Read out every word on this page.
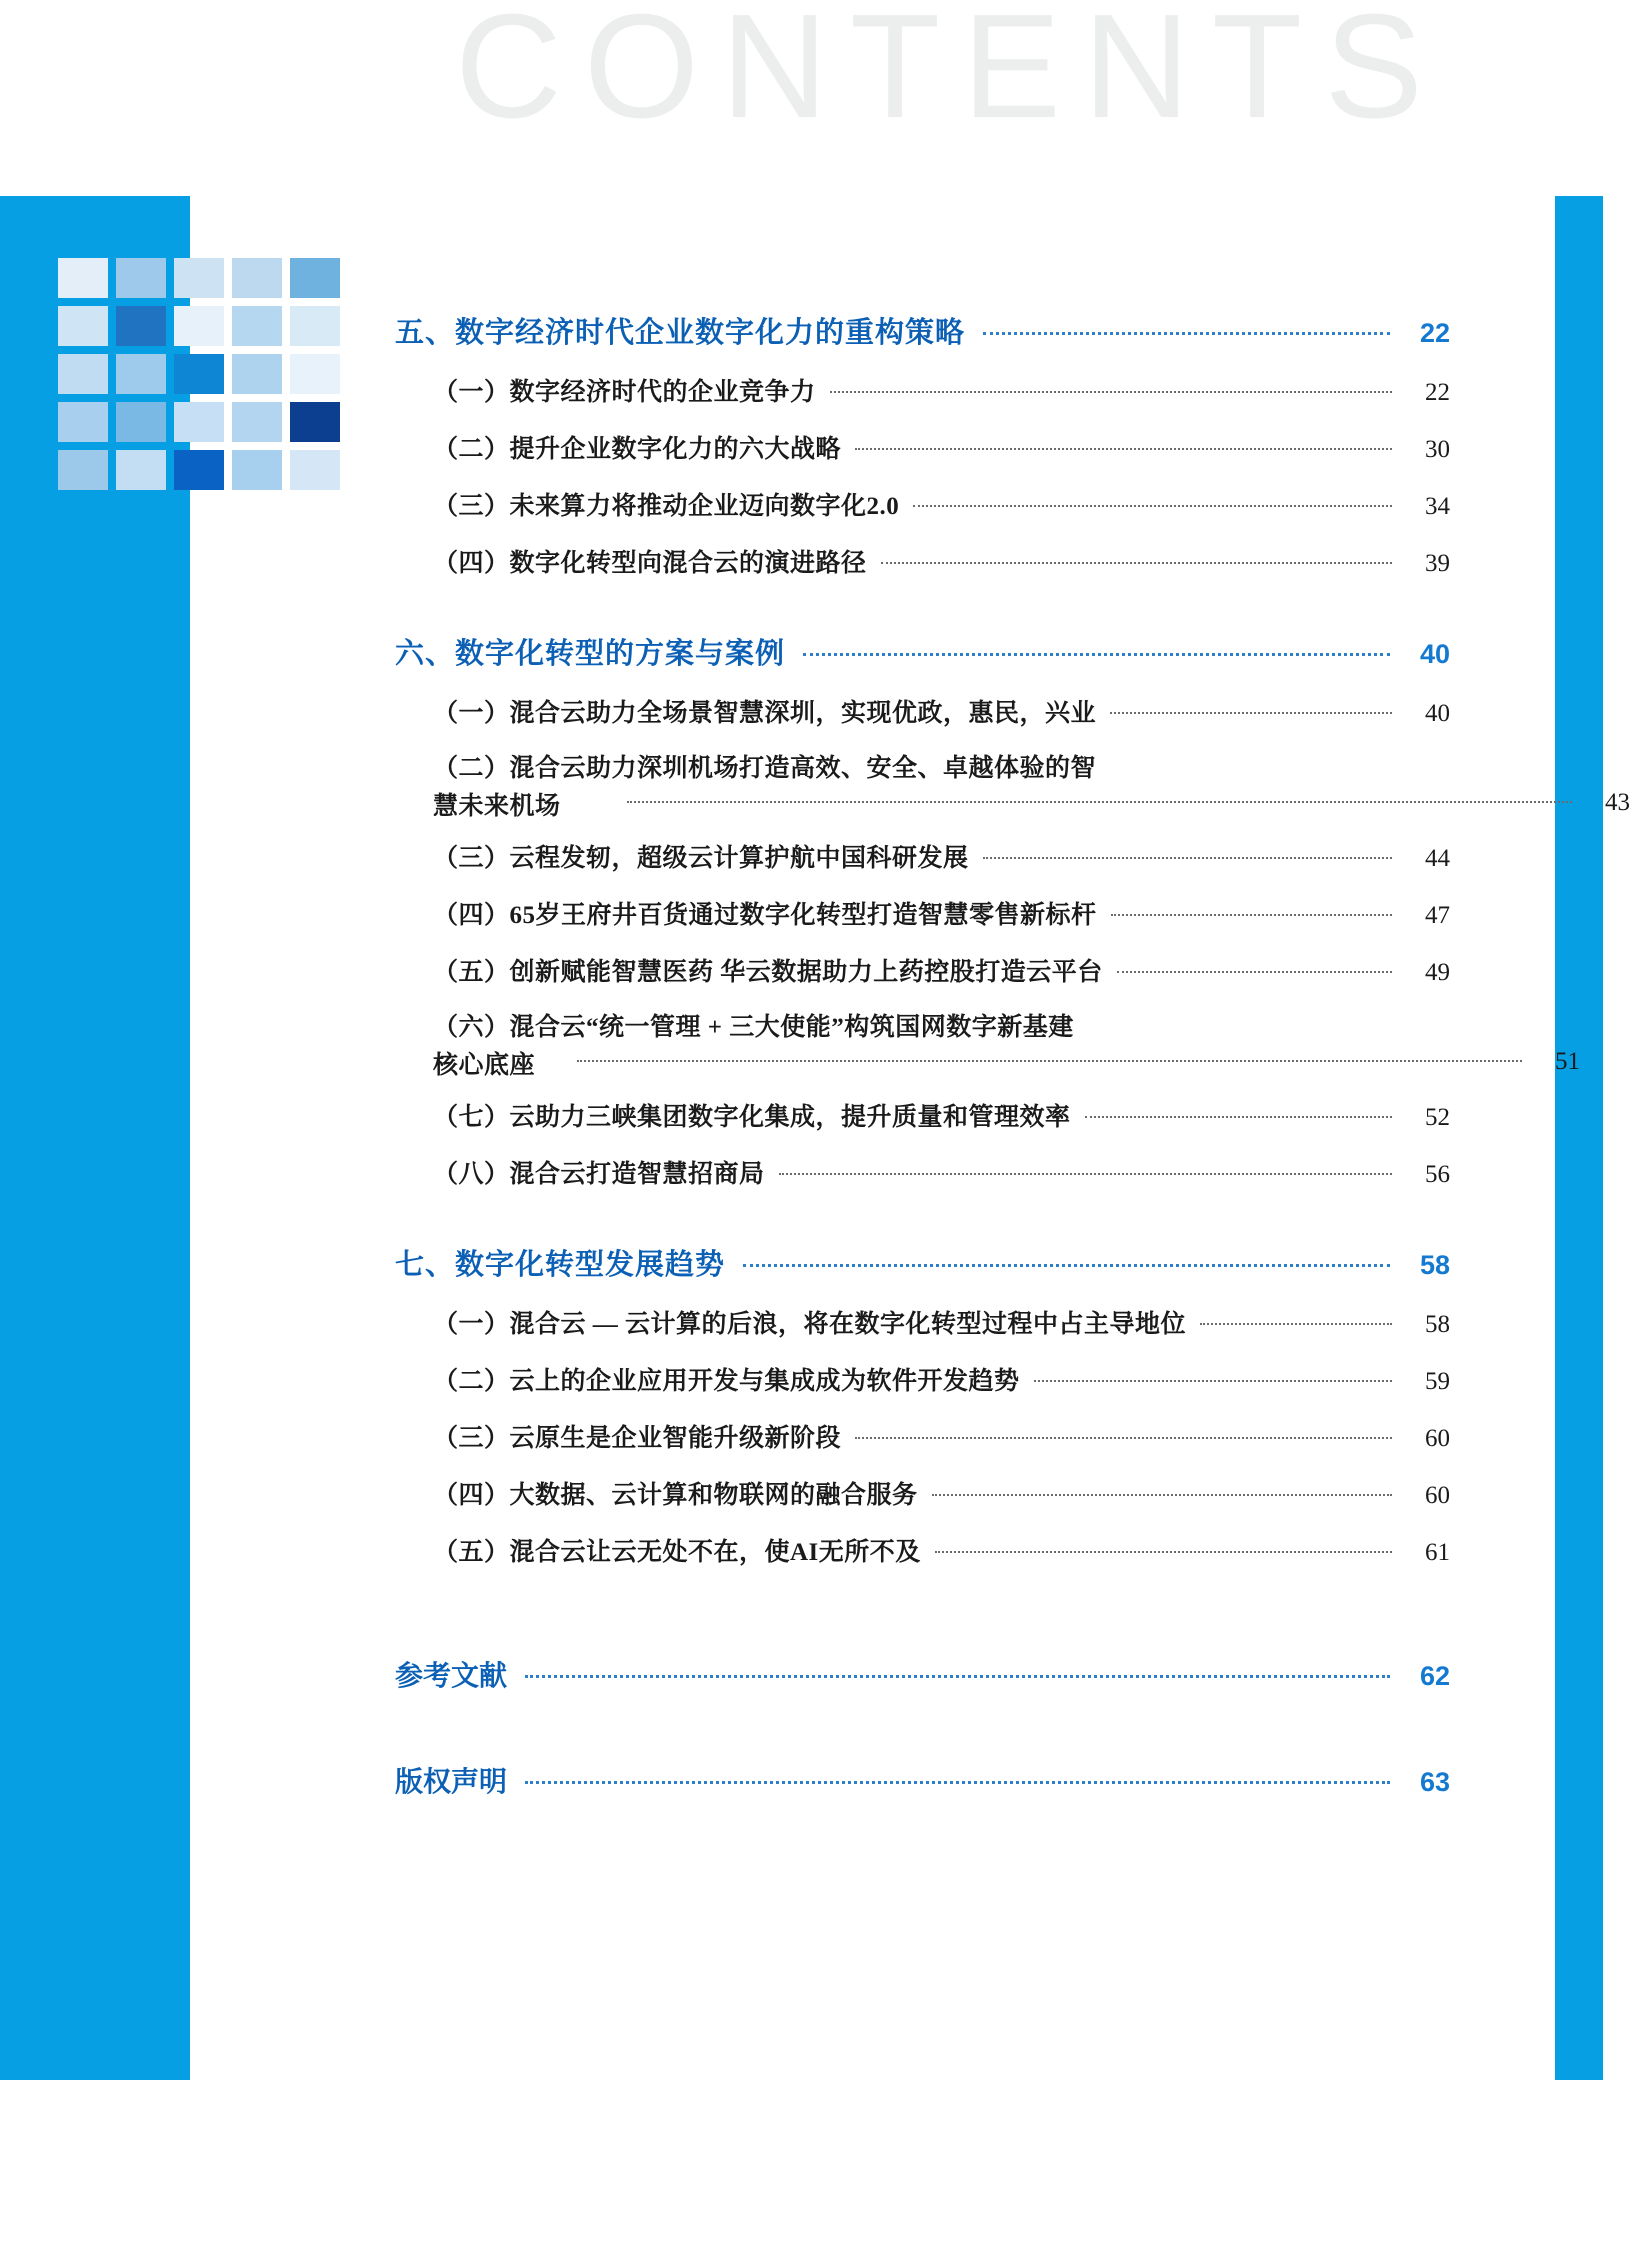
CONTENTS
五、数字经济时代企业数字化力的重构策略	22
（一）数字经济时代的企业竞争力	22
（二）提升企业数字化力的六大战略	30
（三）未来算力将推动企业迈向数字化2.0	34
（四）数字化转型向混合云的演进路径	39
六、数字化转型的方案与案例	40
（一）混合云助力全场景智慧深圳，实现优政，惠民，兴业	40
（二）混合云助力深圳机场打造高效、安全、卓越体验的智
慧未来机场	43
（三）云程发轫，超级云计算护航中国科研发展	44
（四）65岁王府井百货通过数字化转型打造智慧零售新标杆	47
（五）创新赋能智慧医药 华云数据助力上药控股打造云平台	49
（六）混合云“统一管理 + 三大使能”构筑国网数字新基建
核心底座	51
（七）云助力三峡集团数字化集成，提升质量和管理效率	52
（八）混合云打造智慧招商局	56
七、数字化转型发展趋势	58
（一）混合云 — 云计算的后浪，将在数字化转型过程中占主导地位	58
（二）云上的企业应用开发与集成成为软件开发趋势	59
（三）云原生是企业智能升级新阶段	60
（四）大数据、云计算和物联网的融合服务	60
（五）混合云让云无处不在，使AI无所不及	61
参考文献	62
版权声明	63
